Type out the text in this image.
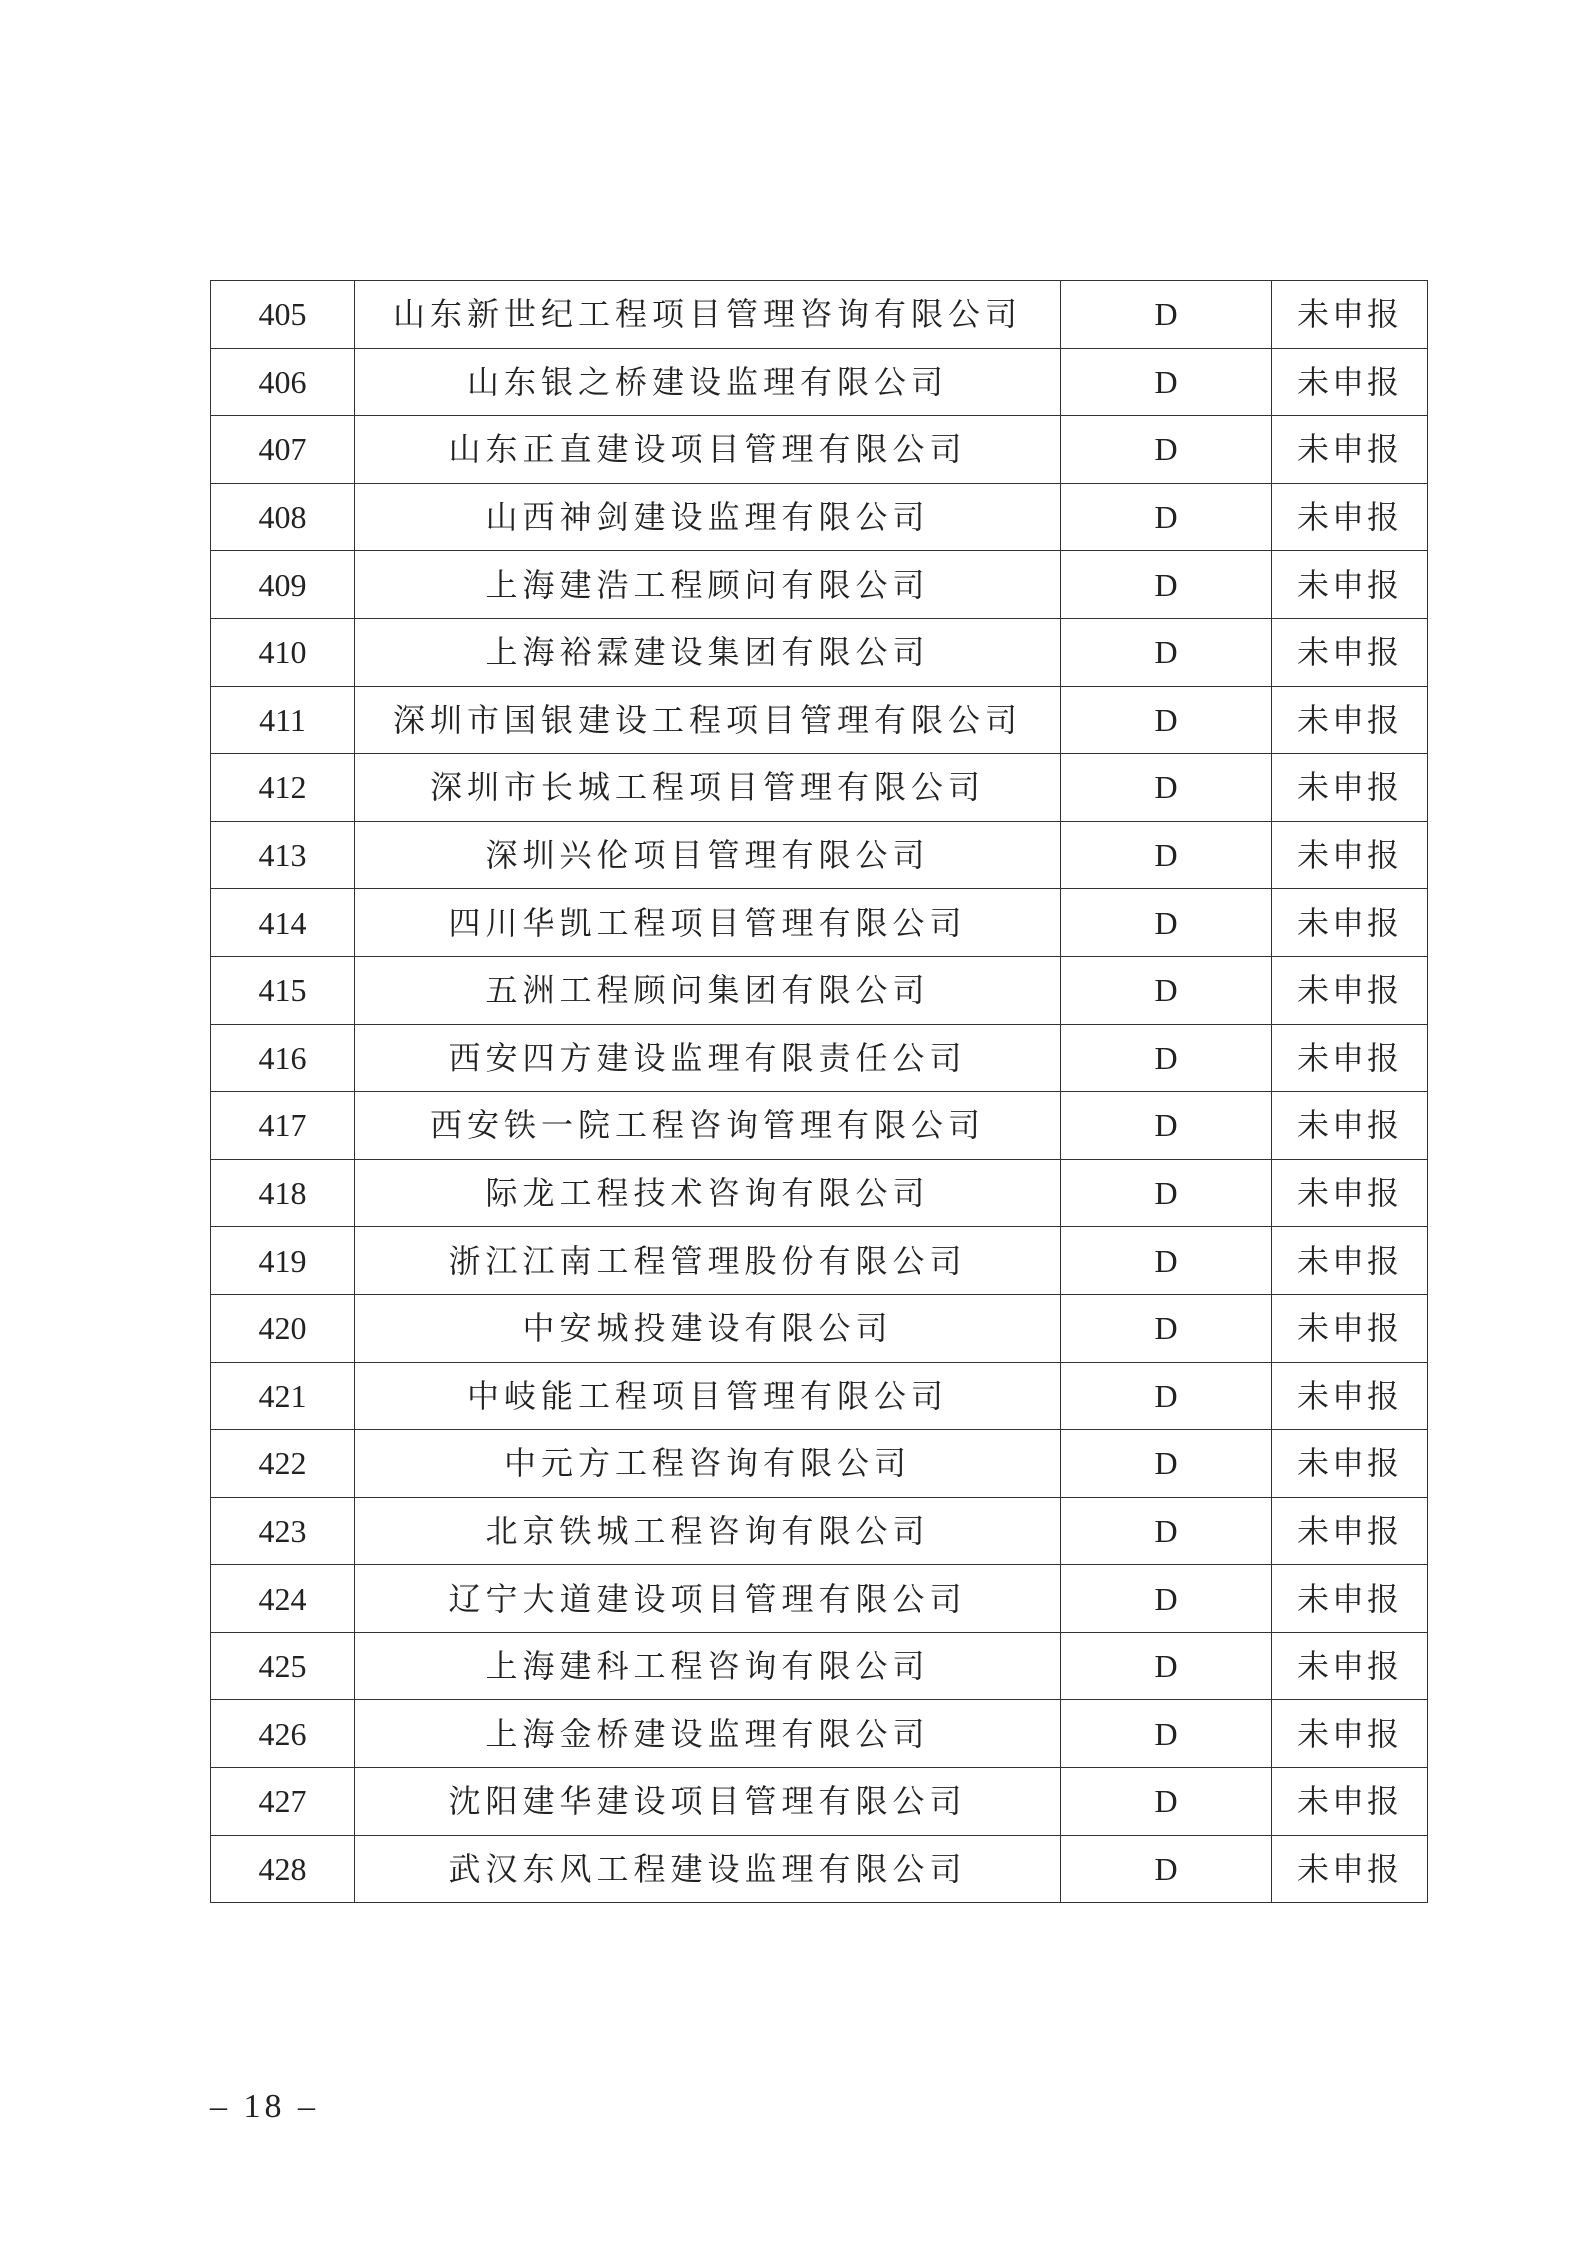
405	山东新世纪工程项目管理咨询有限公司	D	未申报
406	山东银之桥建设监理有限公司	D	未申报
407	山东正直建设项目管理有限公司	D	未申报
408	山西神剑建设监理有限公司	D	未申报
409	上海建浩工程顾问有限公司	D	未申报
410	上海裕霖建设集团有限公司	D	未申报
411	深圳市国银建设工程项目管理有限公司	D	未申报
412	深圳市长城工程项目管理有限公司	D	未申报
413	深圳兴伦项目管理有限公司	D	未申报
414	四川华凯工程项目管理有限公司	D	未申报
415	五洲工程顾问集团有限公司	D	未申报
416	西安四方建设监理有限责任公司	D	未申报
417	西安铁一院工程咨询管理有限公司	D	未申报
418	际龙工程技术咨询有限公司	D	未申报
419	浙江江南工程管理股份有限公司	D	未申报
420	中安城投建设有限公司	D	未申报
421	中岐能工程项目管理有限公司	D	未申报
422	中元方工程咨询有限公司	D	未申报
423	北京铁城工程咨询有限公司	D	未申报
424	辽宁大道建设项目管理有限公司	D	未申报
425	上海建科工程咨询有限公司	D	未申报
426	上海金桥建设监理有限公司	D	未申报
427	沈阳建华建设项目管理有限公司	D	未申报
428	武汉东风工程建设监理有限公司	D	未申报
– 18 –
